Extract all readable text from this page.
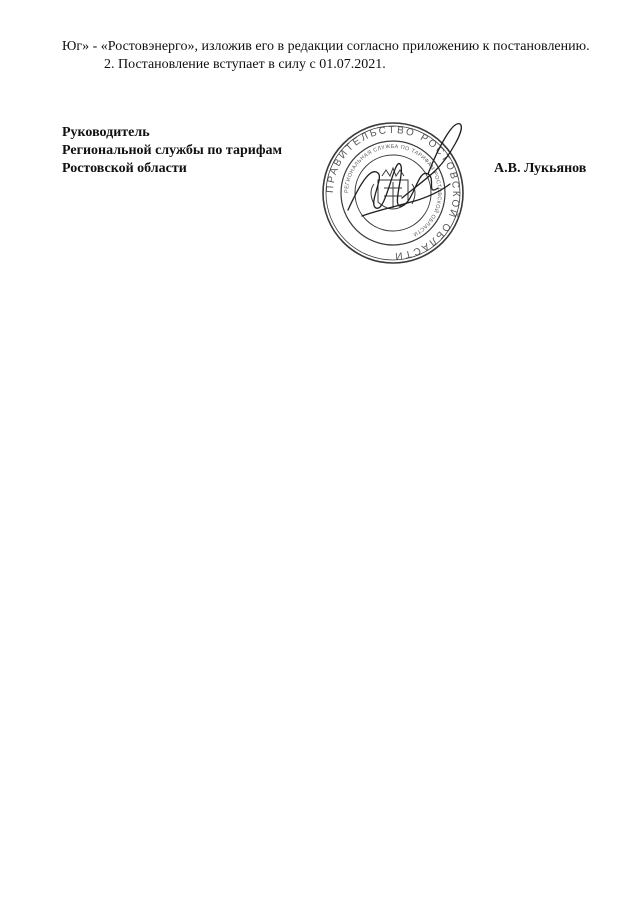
Юг» - «Ростовэнерго», изложив его в редакции согласно приложению к постановлению.

2. Постановление вступает в силу с 01.07.2021.

Руководитель
Региональной службы по тарифам
Ростовской области
ПРАВИТЕЛЬСТВО РОСТОВСКОЙ ОБЛАСТИ
РЕГИОНАЛЬНАЯ СЛУЖБА ПО ТАРИФАМ РОСТОВСКОЙ ОБЛАСТИ
А.В. Лукьянов
